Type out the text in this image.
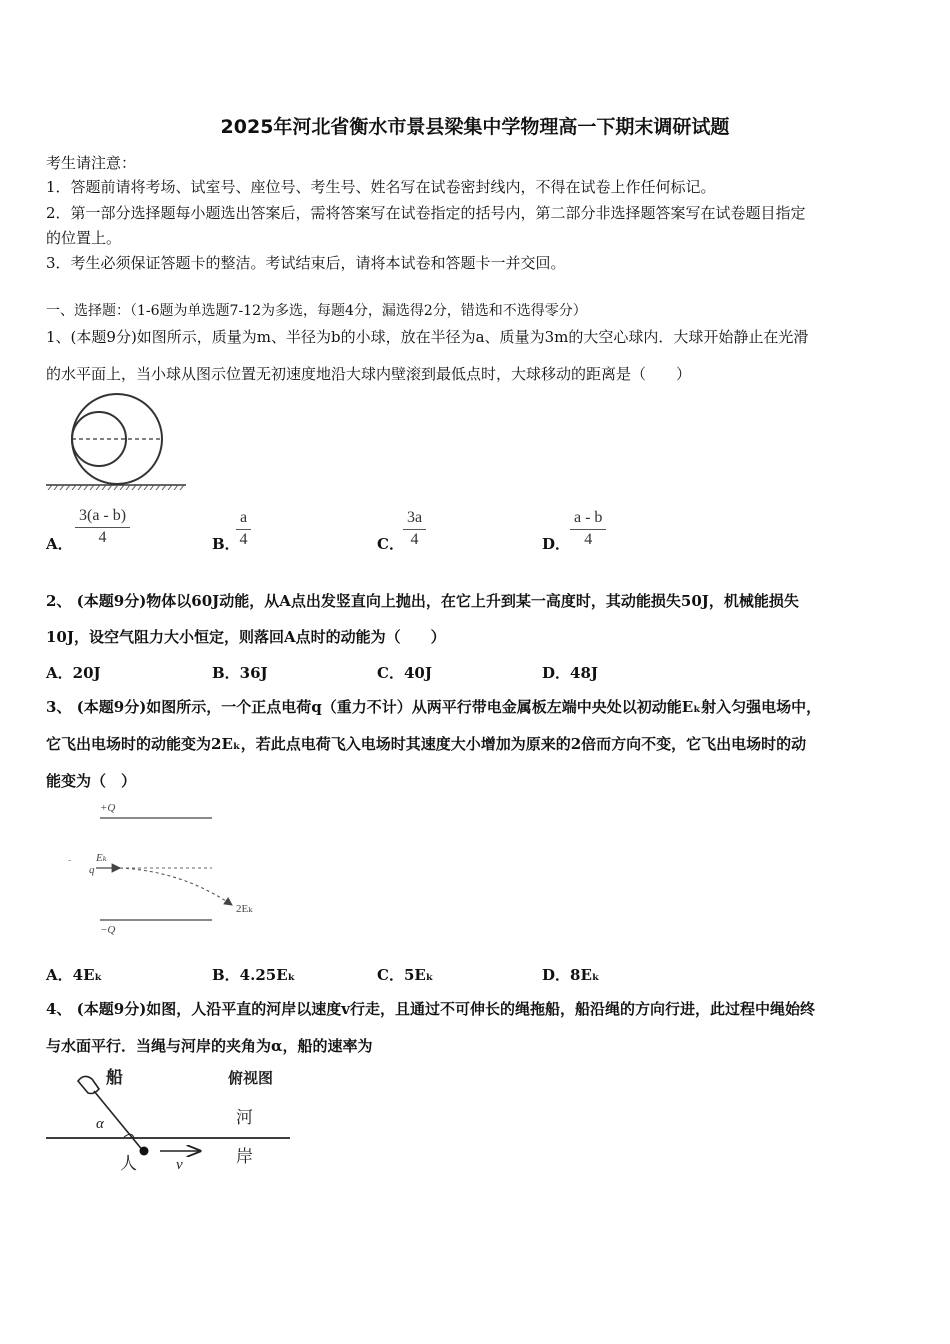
2025年河北省衡水市景县梁集中学物理高一下期末调研试题
考生请注意：
1．答题前请将考场、试室号、座位号、考生号、姓名写在试卷密封线内，不得在试卷上作任何标记。
2．第一部分选择题每小题选出答案后，需将答案写在试卷指定的括号内，第二部分非选择题答案写在试卷题目指定
的位置上。
3．考生必须保证答题卡的整洁。考试结束后，请将本试卷和答题卡一并交回。
一、选择题：（1-6题为单选题7-12为多选，每题4分，漏选得2分，错选和不选得零分）
1、(本题9分)如图所示，质量为m、半径为b的小球，放在半径为a、质量为3m的大空心球内．大球开始静止在光滑
的水平面上，当小球从图示位置无初速度地沿大球内壁滚到最低点时，大球移动的距离是（　　）
A． $\frac{3(a - b)}{4}$	B．
$\frac{a}{4}$	C． $\frac{3a}{4}$	D． $\frac{a - b}{4}$
2、 (本题9分)物体以60J动能，从A点出发竖直向上抛出，在它上升到某一高度时，其动能损失50J，机械能损失
10J，设空气阻力大小恒定，则落回A点时的动能为（　　）
A．20J	B．36J	C．40J	D．48J
3、 (本题9分)如图所示，一个正点电荷q（重力不计）从两平行带电金属板左端中央处以初动能Eₖ射入匀强电场中，
它飞出电场时的动能变为2Eₖ，若此点电荷飞入电场时其速度大小增加为原来的2倍而方向不变，它飞出电场时的动
能变为（　）
+Q
- Eₖ
q
2Eₖ
−Q
A．4Eₖ	B．4.25Eₖ	C．5Eₖ	D．8Eₖ
4、 (本题9分)如图，人沿平直的河岸以速度v行走，且通过不可伸长的绳拖船，船沿绳的方向行进，此过程中绳始终
与水面平行．当绳与河岸的夹角为α，船的速率为
船	俯视图
河
α
人	v	岸
